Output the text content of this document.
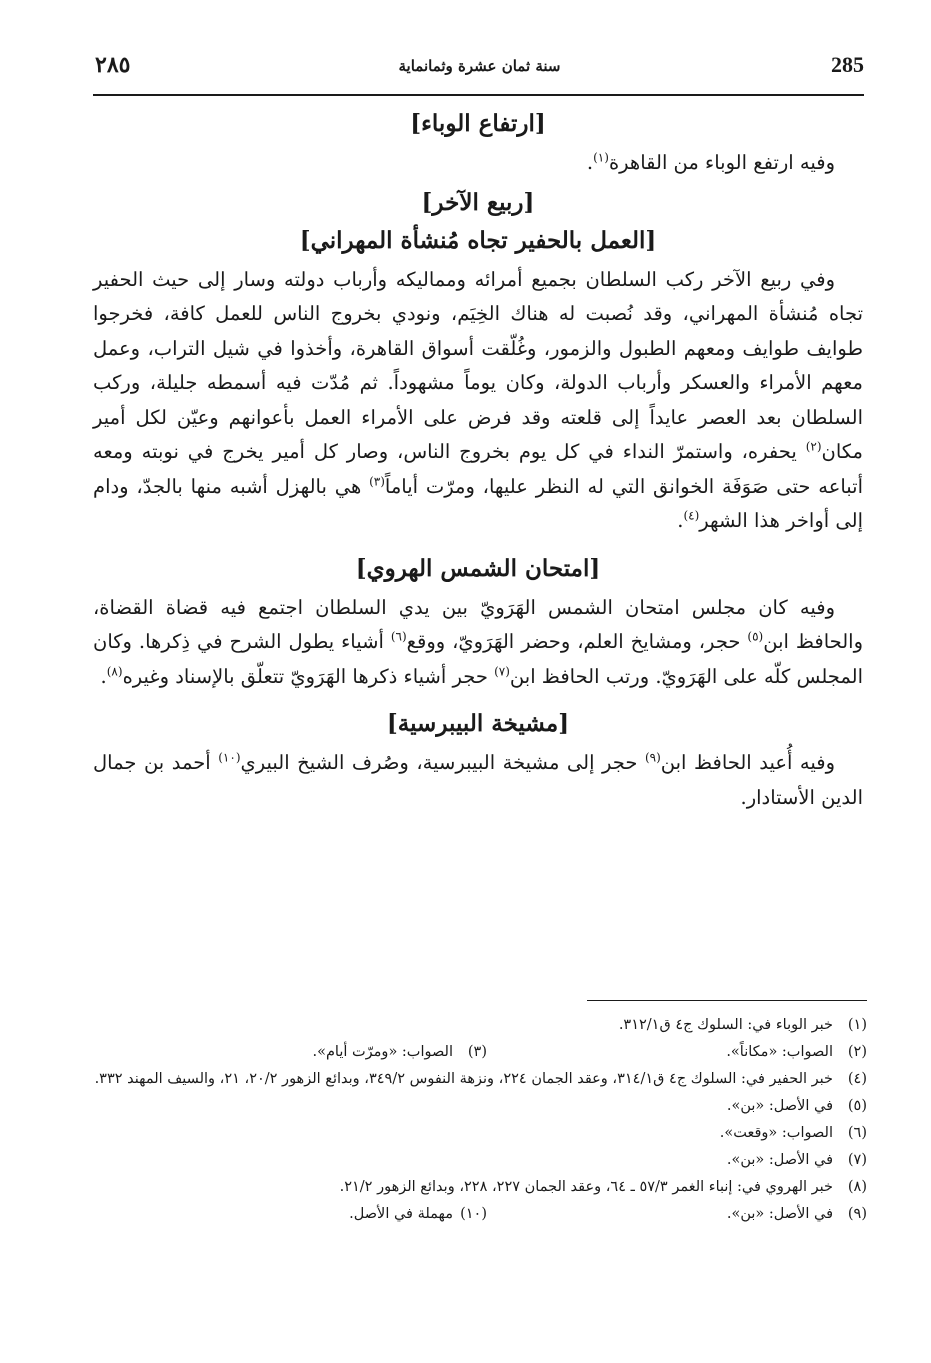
285
سنة ثمان عشرة وثمانماية
٢٨٥
[ارتفاع الوباء]

وفيه ارتفع الوباء من القاهرة$^{(١)}$.

[ربيع الآخر]
[العمل بالحفير تجاه مُنشأة المهراني]

وفي ربيع الآخر ركب السلطان بجميع أمرائه ومماليكه وأرباب دولته وسار إلى حيث الحفير تجاه مُنشأة المهراني، وقد نُصبت له هناك الخِيَم، ونودي بخروج الناس للعمل كافة، فخرجوا طوايف طوايف ومعهم الطبول والزمور، وغُلّقت أسواق القاهرة، وأخذوا في شيل التراب، وعمل معهم الأمراء والعسكر وأرباب الدولة، وكان يوماً مشهوداً. ثم مُدّت فيه أسمطه جليلة، وركب السلطان بعد العصر عايداً إلى قلعته وقد فرض على الأمراء العمل بأعوانهم وعيّن لكل أمير مكان$^{(٢)}$ يحفره، واستمرّ النداء في كل يوم بخروج الناس، وصار كل أمير يخرج في نوبته ومعه أتباعه حتى صَوَفَة الخوانق التي له النظر عليها، ومرّت أياماً$^{(٣)}$ هي بالهزل أشبه منها بالجدّ، ودام إلى أواخر هذا الشهر$^{(٤)}$.

[امتحان الشمس الهروي]

وفيه كان مجلس امتحان الشمس الهَرَويّ بين يدي السلطان اجتمع فيه قضاة القضاة، والحافظ ابن$^{(٥)}$ حجر، ومشايخ العلم، وحضر الهَرَويّ، ووقع$^{(٦)}$ أشياء يطول الشرح في ذِكرها. وكان المجلس كلّه على الهَرَويّ. ورتب الحافظ ابن$^{(٧)}$ حجر أشياء ذكرها الهَرَويّ تتعلّق بالإسناد وغيره$^{(٨)}$.

[مشيخة البيبرسية]

وفيه أُعيد الحافظ ابن$^{(٩)}$ حجر إلى مشيخة البيبرسية، وصُرف الشيخ البيري$^{(١٠)}$ أحمد بن جمال الدين الأستادار.

(١)
خبر الوباء في: السلوك ج٤ ق٣١٢/١.
(٢)
الصواب: «مكاناً».
(٣)
الصواب: «ومرّت أيام».
(٤)
خبر الحفير في: السلوك ج٤ ق٣١٤/١، وعقد الجمان ٢٢٤، ونزهة النفوس ٣٤٩/٢، وبدائع الزهور ٢٠/٢، ٢١، والسيف المهند ٣٣٢.
(٥)
في الأصل: «بن».
(٦)
الصواب: «وقعت».
(٧)
في الأصل: «بن».
(٨)
خبر الهروي في: إنباء الغمر ٥٧/٣ ـ ٦٤، وعقد الجمان ٢٢٧، ٢٢٨، وبدائع الزهور ٢١/٢.
(٩)
في الأصل: «بن».
(١٠)
مهملة في الأصل.
